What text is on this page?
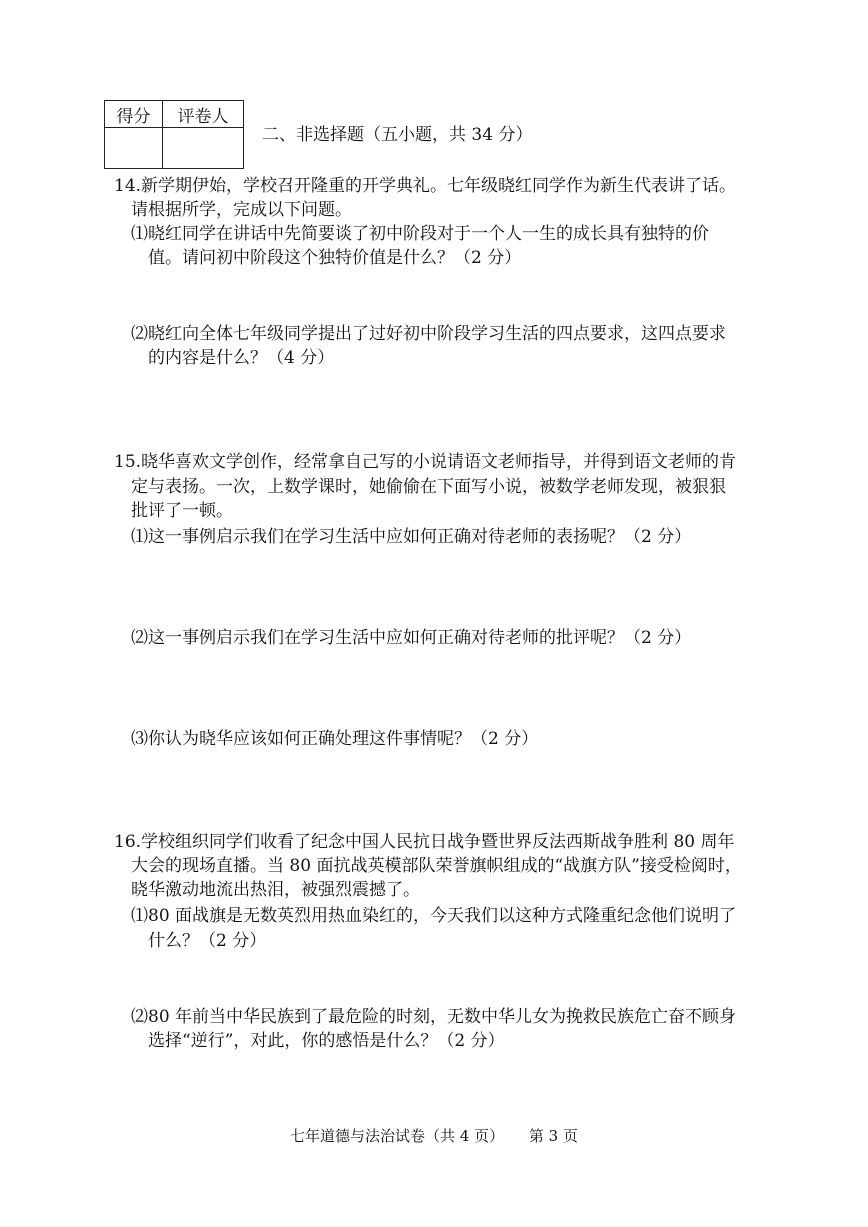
得分	评卷人

二、非选择题（五小题，共 34 分）
14.新学期伊始，学校召开隆重的开学典礼。七年级晓红同学作为新生代表讲了话。
请根据所学，完成以下问题。
⑴晓红同学在讲话中先简要谈了初中阶段对于一个人一生的成长具有独特的价
值。请问初中阶段这个独特价值是什么？（2 分）
⑵晓红向全体七年级同学提出了过好初中阶段学习生活的四点要求，这四点要求
的内容是什么？（4 分）
15.晓华喜欢文学创作，经常拿自己写的小说请语文老师指导，并得到语文老师的肯
定与表扬。一次，上数学课时，她偷偷在下面写小说，被数学老师发现，被狠狠
批评了一顿。
⑴这一事例启示我们在学习生活中应如何正确对待老师的表扬呢？（2 分）
⑵这一事例启示我们在学习生活中应如何正确对待老师的批评呢？（2 分）
⑶你认为晓华应该如何正确处理这件事情呢？（2 分）
16.学校组织同学们收看了纪念中国人民抗日战争暨世界反法西斯战争胜利 80 周年
大会的现场直播。当 80 面抗战英模部队荣誉旗帜组成的“战旗方队”接受检阅时，
晓华激动地流出热泪，被强烈震撼了。
⑴80 面战旗是无数英烈用热血染红的，今天我们以这种方式隆重纪念他们说明了
什么？（2 分）
⑵80 年前当中华民族到了最危险的时刻，无数中华儿女为挽救民族危亡奋不顾身
选择“逆行”，对此，你的感悟是什么？（2 分）
七年道德与法治试卷（共 4 页） 第 3 页
